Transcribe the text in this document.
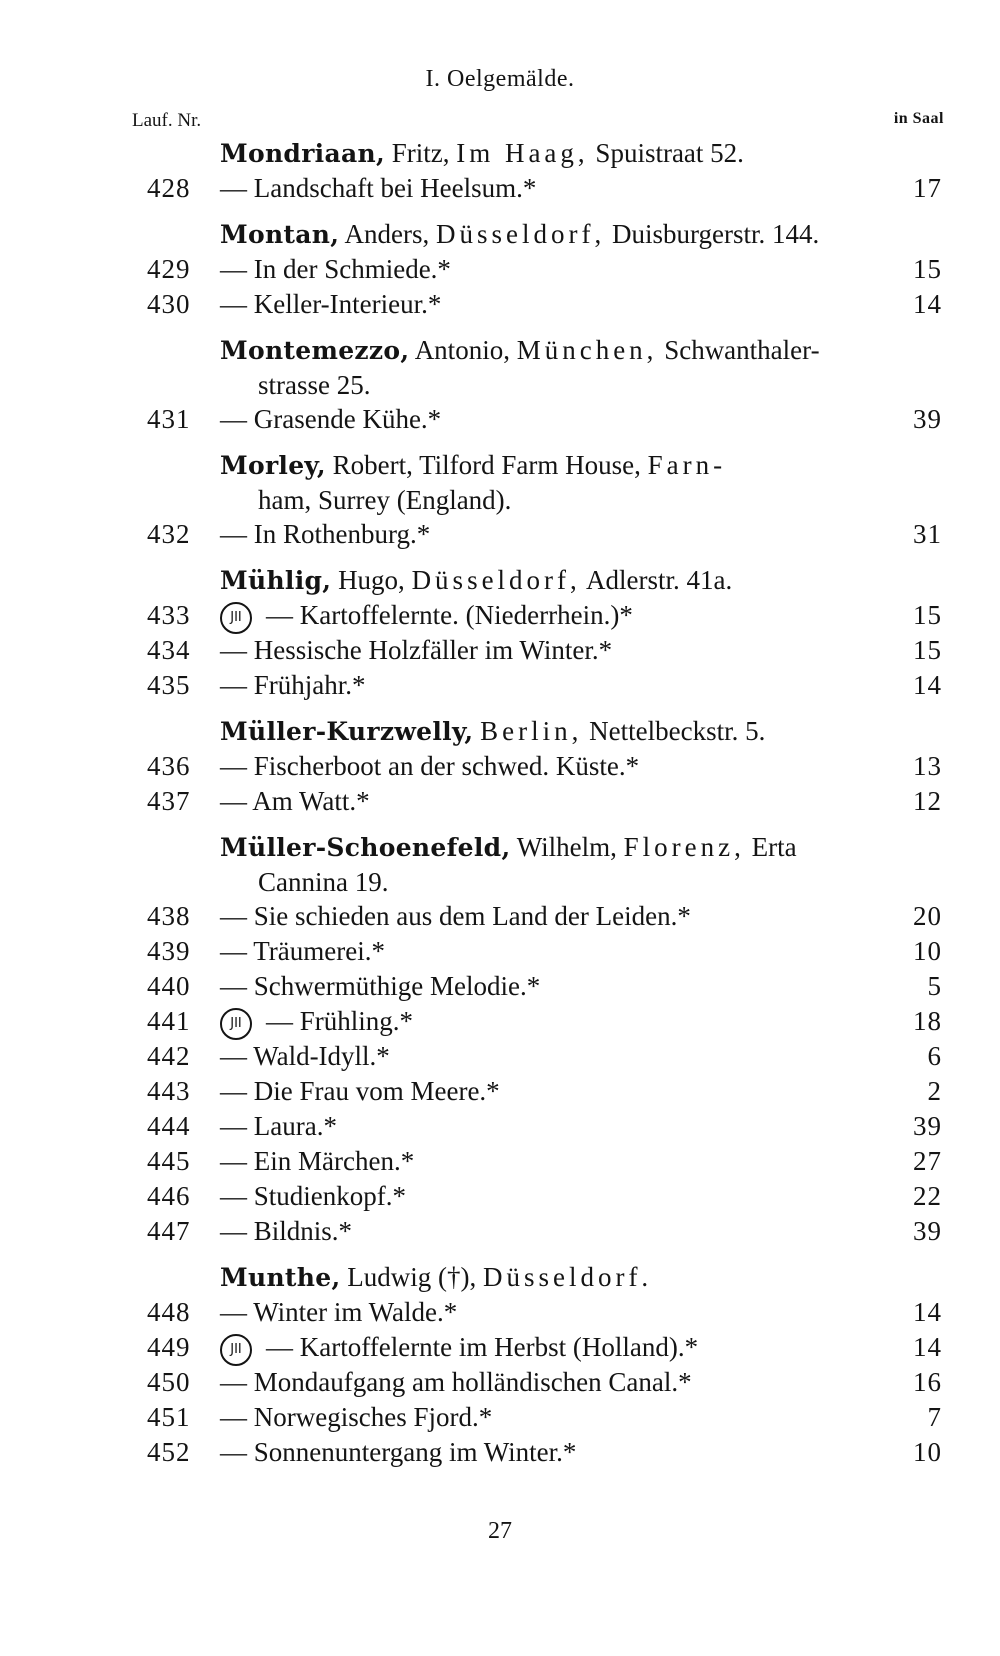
I. Oelgemälde.
Lauf. Nr.	in Saal
Mondriaan, Fritz, Im Haag, Spuistraat 52.
428	— Landschaft bei Heelsum.*	17
Montan, Anders, Düsseldorf, Duisburgerstr. 144.
429	— In der Schmiede.*	15
430	— Keller-Interieur.*	14
Montemezzo, Antonio, München, Schwanthaler-
strasse 25.
431	— Grasende Kühe.*	39
Morley, Robert, Tilford Farm House, Farn-
ham, Surrey (England).
432	— In Rothenburg.*	31
Mühlig, Hugo, Düsseldorf, Adlerstr. 41a.
433	JII — Kartoffelernte. (Niederrhein.)*	15
434	— Hessische Holzfäller im Winter.*	15
435	— Frühjahr.*	14
Müller-Kurzwelly, Berlin, Nettelbeckstr. 5.
436	— Fischerboot an der schwed. Küste.*	13
437	— Am Watt.*	12
Müller-Schoenefeld, Wilhelm, Florenz, Erta
Cannina 19.
438	— Sie schieden aus dem Land der Leiden.*	20
439	— Träumerei.*	10
440	— Schwermüthige Melodie.*	5
441	JII — Frühling.*	18
442	— Wald-Idyll.*	6
443	— Die Frau vom Meere.*	2
444	— Laura.*	39
445	— Ein Märchen.*	27
446	— Studienkopf.*	22
447	— Bildnis.*	39
Munthe, Ludwig (†), Düsseldorf.
448	— Winter im Walde.*	14
449	JII — Kartoffelernte im Herbst (Holland).*	14
450	— Mondaufgang am holländischen Canal.*	16
451	— Norwegisches Fjord.*	7
452	— Sonnenuntergang im Winter.*	10
27
